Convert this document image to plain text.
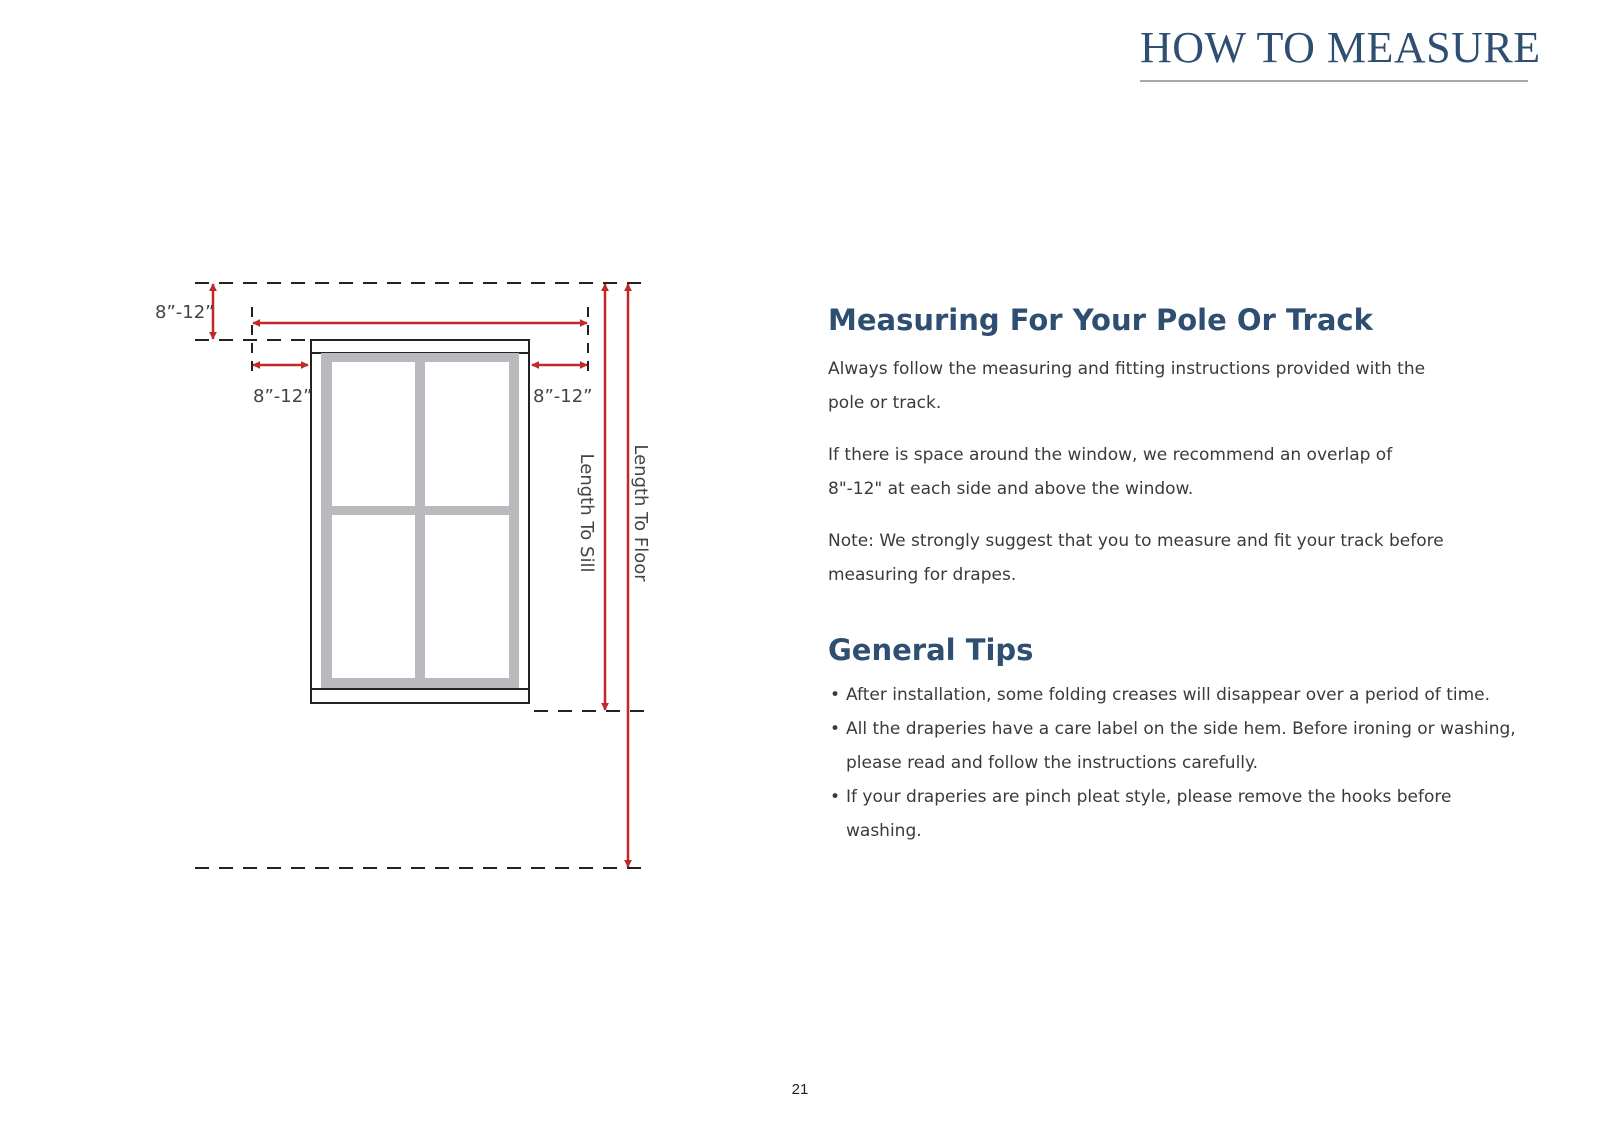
HOW TO MEASURE
8”-12”
8”-12”	8”-12”
Length To Sill Length To Floor
Measuring For Your Pole Or Track

Always follow the measuring and fitting instructions provided with the pole or track.

If there is space around the window, we recommend an overlap of 8"-12" at each side and above the window.

Note: We strongly suggest that you to measure and fit your track before measuring for drapes.

General Tips
• After installation, some folding creases will disappear over a period of time.
• All the draperies have a care label on the side hem. Before ironing or washing, please read and follow the instructions carefully.
• If your draperies are pinch pleat style, please remove the hooks before washing.
21
